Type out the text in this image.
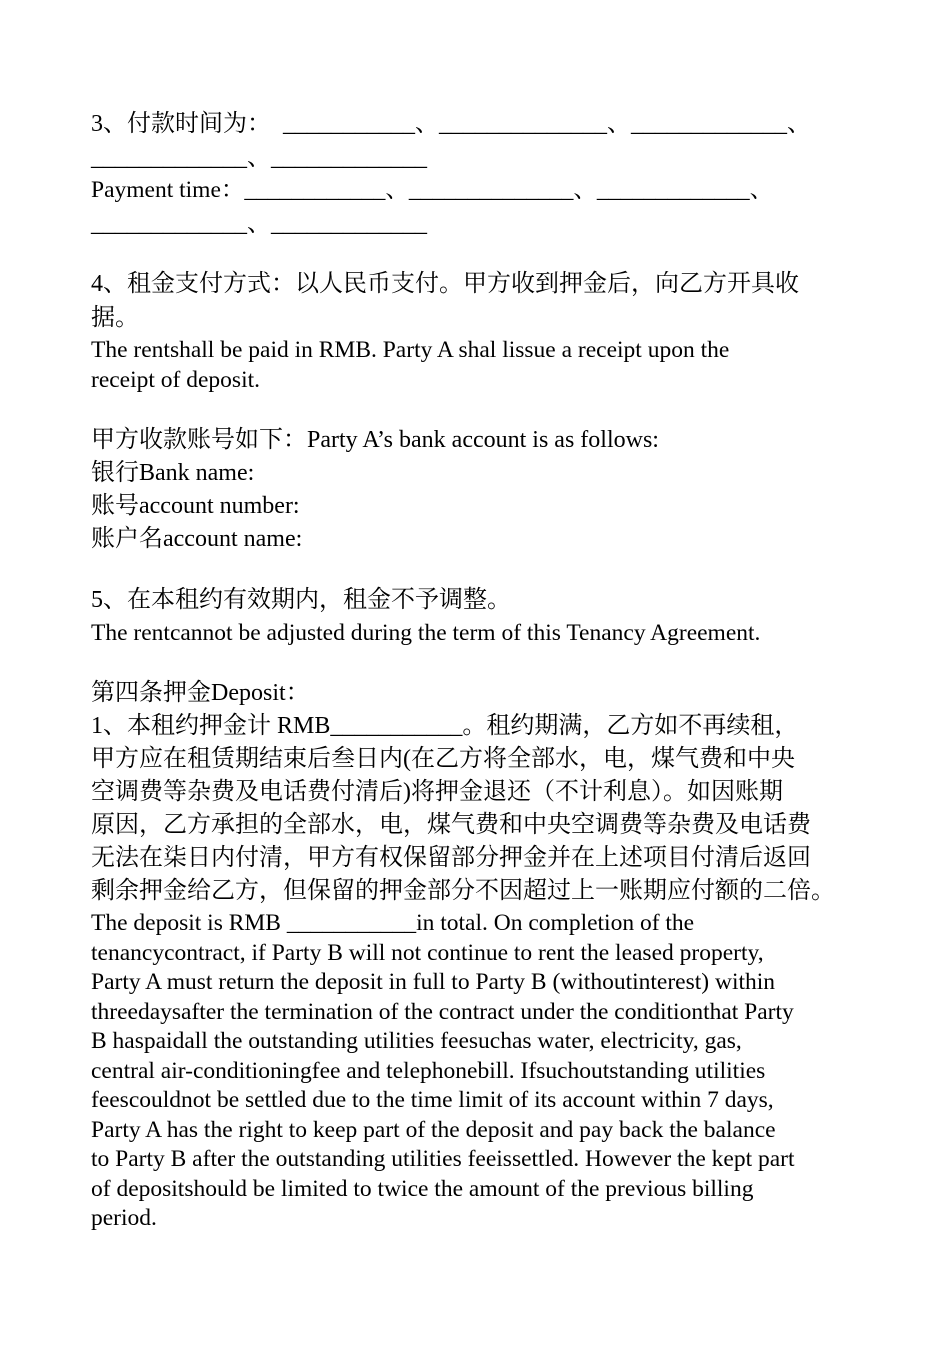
3、付款时间为：  ___________、______________、_____________、

_____________、_____________

Payment time：____________、______________、_____________、

_____________、_____________

4、租金支付方式：以人民币支付。甲方收到押金后，向乙方开具收

据。

The rentshall be paid in RMB. Party A shal lissue a receipt upon the

receipt of deposit.

甲方收款账号如下：Party A’s bank account is as follows:

银行Bank name:

账号account number:

账户名account name:

5、在本租约有效期内，租金不予调整。

The rentcannot be adjusted during the term of this Tenancy Agreement.

第四条押金Deposit：

1、本租约押金计 RMB___________。租约期满，乙方如不再续租，

甲方应在租赁期结束后叁日内(在乙方将全部水，电，煤气费和中央

空调费等杂费及电话费付清后)将押金退还（不计利息）。如因账期

原因，乙方承担的全部水，电，煤气费和中央空调费等杂费及电话费

无法在柒日内付清，甲方有权保留部分押金并在上述项目付清后返回

剩余押金给乙方，但保留的押金部分不因超过上一账期应付额的二倍。

The deposit is RMB ___________in total. On completion of the

tenancycontract, if Party B will not continue to rent the leased property,

Party A must return the deposit in full to Party B (withoutinterest) within

threedaysafter the termination of the contract under the conditionthat Party

B haspaidall the outstanding utilities feesuchas water, electricity, gas,

central air-conditioningfee and telephonebill. Ifsuchoutstanding utilities

feescouldnot be settled due to the time limit of its account within 7 days,

Party A has the right to keep part of the deposit and pay back the balance

to Party B after the outstanding utilities feeissettled. However the kept part

of depositshould be limited to twice the amount of the previous billing

period.
